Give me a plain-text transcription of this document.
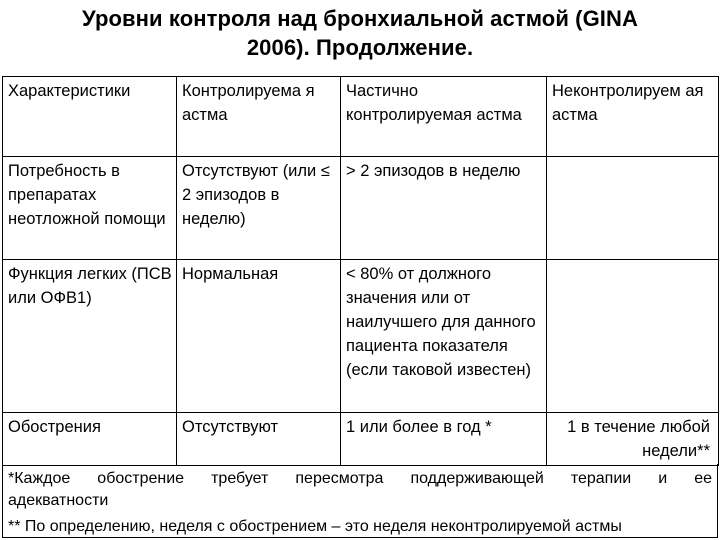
Уровни контроля над бронхиальной астмой (GINA
2006). Продолжение.
Характеристики	Контролируема я астма	Частично контролируемая астма	Неконтролируем ая астма
Потребность в препаратах неотложной помощи	Отсутствуют (или ≤ 2 эпизодов в неделю)	> 2 эпизодов в неделю	
Функция легких (ПСВ или ОФВ1)	Нормальная	< 80% от должного значения или от наилучшего для данного пациента показателя (если таковой известен)	
Обострения	Отсутствуют	1 или более в год *	1 в течение любой недели**
*Каждое обострение требует пересмотра поддерживающей терапии и ее
адекватности
** По определению, неделя с обострением – это неделя неконтролируемой астмы
